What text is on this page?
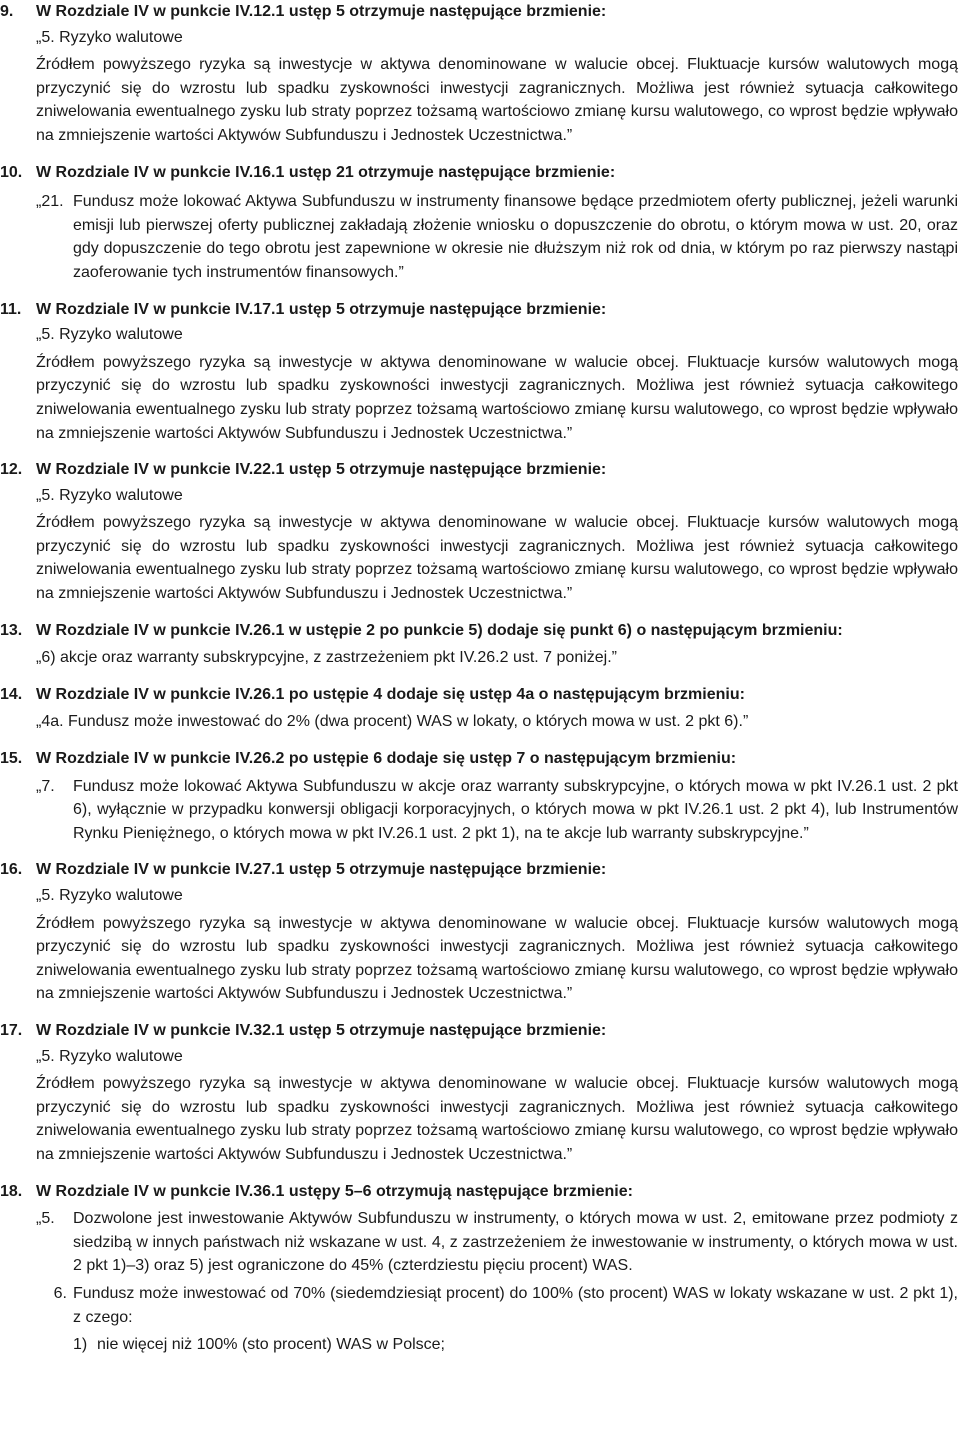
9.	W Rozdziale IV w punkcie IV.12.1 ustęp 5 otrzymuje następujące brzmienie:
„5. Ryzyko walutowe

Źródłem powyższego ryzyka są inwestycje w aktywa denominowane w walucie obcej. Fluktuacje kursów walutowych mogą przyczynić się do wzrostu lub spadku zyskowności inwestycji zagranicznych. Możliwa jest również sytuacja całkowitego zniwelowania ewentualnego zysku lub straty poprzez tożsamą wartościowo zmianę kursu walutowego, co wprost będzie wpływało na zmniejszenie wartości Aktywów Subfunduszu i Jednostek Uczestnictwa.”

10. W Rozdziale IV w punkcie IV.16.1 ustęp 21 otrzymuje następujące brzmienie:
„21. Fundusz może lokować Aktywa Subfunduszu w instrumenty finansowe będące przedmiotem oferty publicznej, jeżeli warunki emisji lub pierwszej oferty publicznej zakładają złożenie wniosku o dopuszczenie do obrotu, o którym mowa w ust. 20, oraz gdy dopuszczenie do tego obrotu jest zapewnione w okresie nie dłuższym niż rok od dnia, w którym po raz pierwszy nastąpi zaoferowanie tych instrumentów finansowych.”
11. W Rozdziale IV w punkcie IV.17.1 ustęp 5 otrzymuje następujące brzmienie:
„5. Ryzyko walutowe

Źródłem powyższego ryzyka są inwestycje w aktywa denominowane w walucie obcej. Fluktuacje kursów walutowych mogą przyczynić się do wzrostu lub spadku zyskowności inwestycji zagranicznych. Możliwa jest również sytuacja całkowitego zniwelowania ewentualnego zysku lub straty poprzez tożsamą wartościowo zmianę kursu walutowego, co wprost będzie wpływało na zmniejszenie wartości Aktywów Subfunduszu i Jednostek Uczestnictwa.”

12. W Rozdziale IV w punkcie IV.22.1 ustęp 5 otrzymuje następujące brzmienie:
„5. Ryzyko walutowe

Źródłem powyższego ryzyka są inwestycje w aktywa denominowane w walucie obcej. Fluktuacje kursów walutowych mogą przyczynić się do wzrostu lub spadku zyskowności inwestycji zagranicznych. Możliwa jest również sytuacja całkowitego zniwelowania ewentualnego zysku lub straty poprzez tożsamą wartościowo zmianę kursu walutowego, co wprost będzie wpływało na zmniejszenie wartości Aktywów Subfunduszu i Jednostek Uczestnictwa.”

13. W Rozdziale IV w punkcie IV.26.1 w ustępie 2 po punkcie 5) dodaje się punkt 6) o następującym brzmieniu:

„6) akcje oraz warranty subskrypcyjne, z zastrzeżeniem pkt IV.26.2 ust. 7 poniżej.”

14. W Rozdziale IV w punkcie IV.26.1 po ustępie 4 dodaje się ustęp 4a o następującym brzmieniu:

„4a. Fundusz może inwestować do 2% (dwa procent) WAS w lokaty, o których mowa w ust. 2 pkt 6).”

15. W Rozdziale IV w punkcie IV.26.2 po ustępie 6 dodaje się ustęp 7 o następującym brzmieniu:
„7.	Fundusz może lokować Aktywa Subfunduszu w akcje oraz warranty subskrypcyjne, o których mowa w pkt IV.26.1 ust. 2 pkt 6), wyłącznie w przypadku konwersji obligacji korporacyjnych, o których mowa w pkt IV.26.1 ust. 2 pkt 4), lub Instrumentów Rynku Pieniężnego, o których mowa w pkt IV.26.1 ust. 2 pkt 1), na te akcje lub warranty subskrypcyjne.”
16. W Rozdziale IV w punkcie IV.27.1 ustęp 5 otrzymuje następujące brzmienie:
„5. Ryzyko walutowe

Źródłem powyższego ryzyka są inwestycje w aktywa denominowane w walucie obcej. Fluktuacje kursów walutowych mogą przyczynić się do wzrostu lub spadku zyskowności inwestycji zagranicznych. Możliwa jest również sytuacja całkowitego zniwelowania ewentualnego zysku lub straty poprzez tożsamą wartościowo zmianę kursu walutowego, co wprost będzie wpływało na zmniejszenie wartości Aktywów Subfunduszu i Jednostek Uczestnictwa.”

17. W Rozdziale IV w punkcie IV.32.1 ustęp 5 otrzymuje następujące brzmienie:
„5. Ryzyko walutowe

Źródłem powyższego ryzyka są inwestycje w aktywa denominowane w walucie obcej. Fluktuacje kursów walutowych mogą przyczynić się do wzrostu lub spadku zyskowności inwestycji zagranicznych. Możliwa jest również sytuacja całkowitego zniwelowania ewentualnego zysku lub straty poprzez tożsamą wartościowo zmianę kursu walutowego, co wprost będzie wpływało na zmniejszenie wartości Aktywów Subfunduszu i Jednostek Uczestnictwa.”

18. W Rozdziale IV w punkcie IV.36.1 ustępy 5–6 otrzymują następujące brzmienie:
„5.	Dozwolone jest inwestowanie Aktywów Subfunduszu w instrumenty, o których mowa w ust. 2, emitowane przez podmioty z siedzibą w innych państwach niż wskazane w ust. 4, z zastrzeżeniem że inwestowanie w instrumenty, o których mowa w ust. 2 pkt 1)–3) oraz 5) jest ograniczone do 45% (czterdziestu pięciu procent) WAS.
6. Fundusz może inwestować od 70% (siedemdziesiąt procent) do 100% (sto procent) WAS w lokaty wskazane w ust. 2 pkt 1), z czego:
1) nie więcej niż 100% (sto procent) WAS w Polsce;
